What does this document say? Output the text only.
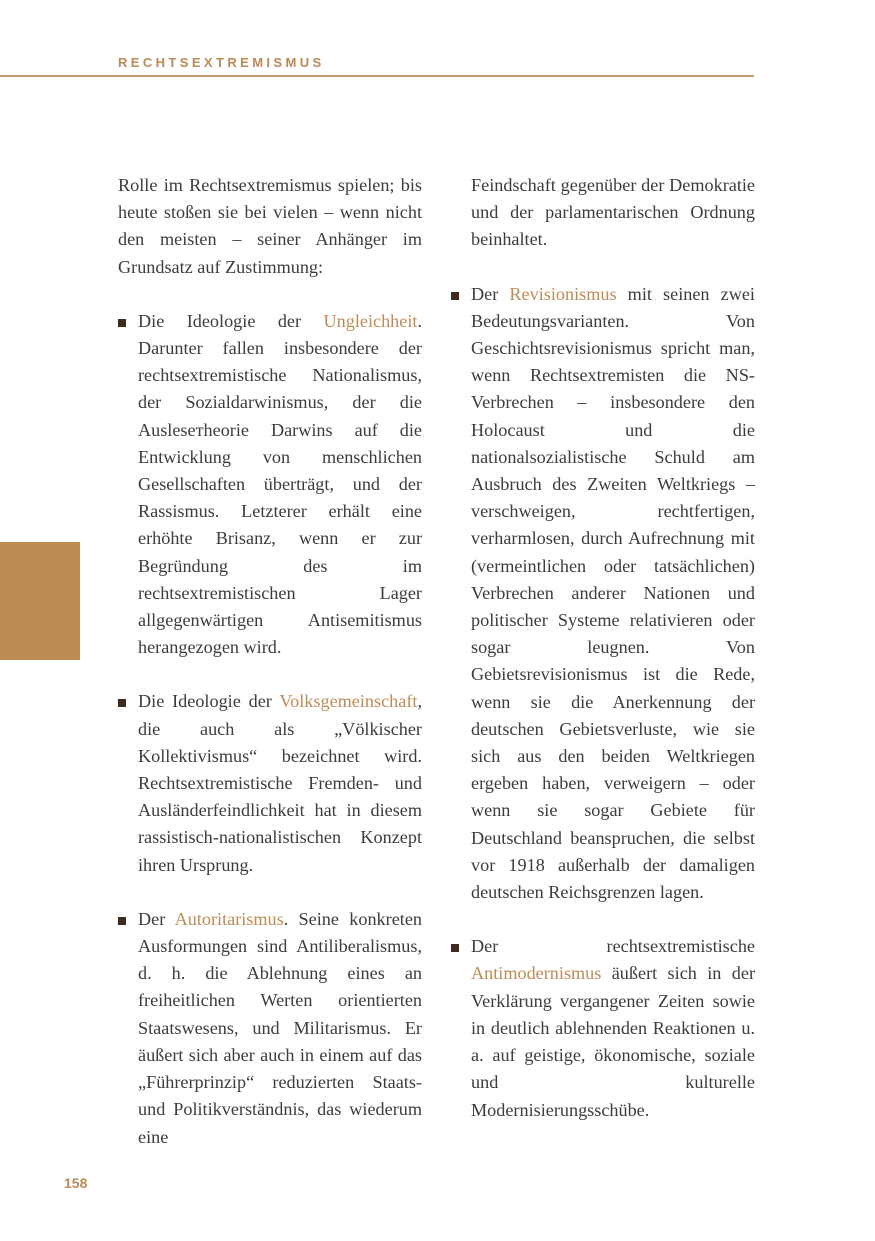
RECHTSEXTREMISMUS

Rolle im Rechtsextremismus spielen; bis heute stoßen sie bei vielen – wenn nicht den meisten – seiner Anhänger im Grundsatz auf Zustimmung:

Die Ideologie der Ungleichheit. Darunter fallen insbesondere der rechtsextremistische Nationalismus, der Sozialdarwinismus, der die Ausleseтheorie Darwins auf die Entwicklung von menschlichen Gesellschaften überträgt, und der Rassismus. Letzterer erhält eine erhöhte Brisanz, wenn er zur Begründung des im rechtsextremistischen Lager allgegenwärtigen Antisemitismus herangezogen wird.

Die Ideologie der Volksgemeinschaft, die auch als „Völkischer Kollektivismus“ bezeichnet wird. Rechtsextremistische Fremden- und Ausländerfeindlichkeit hat in diesem rassistisch-nationalistischen Konzept ihren Ursprung.

Der Autoritarismus. Seine konkreten Ausformungen sind Antiliberalismus, d. h. die Ablehnung eines an freiheitlichen Werten orientierten Staatswesens, und Militarismus. Er äußert sich aber auch in einem auf das „Führerprinzip“ reduzierten Staats- und Politikverständnis, das wiederum eine

Feindschaft gegenüber der Demokratie und der parlamentarischen Ordnung beinhaltet.

Der Revisionismus mit seinen zwei Bedeutungsvarianten. Von Geschichtsrevisionismus spricht man, wenn Rechtsextremisten die NS-Verbrechen – insbesondere den Holocaust und die nationalsozialistische Schuld am Ausbruch des Zweiten Weltkriegs – verschweigen, rechtfertigen, verharmlosen, durch Aufrechnung mit (vermeintlichen oder tatsächlichen) Verbrechen anderer Nationen und politischer Systeme relativieren oder sogar leugnen. Von Gebietsrevisionismus ist die Rede, wenn sie die Anerkennung der deutschen Gebietsverluste, wie sie sich aus den beiden Weltkriegen ergeben haben, verweigern – oder wenn sie sogar Gebiete für Deutschland beanspruchen, die selbst vor 1918 außerhalb der damaligen deutschen Reichsgrenzen lagen.

Der rechtsextremistische Antimodernismus äußert sich in der Verklärung vergangener Zeiten sowie in deutlich ablehnenden Reaktionen u. a. auf geistige, ökonomische, soziale und kulturelle Modernisierungsschübe.

158
